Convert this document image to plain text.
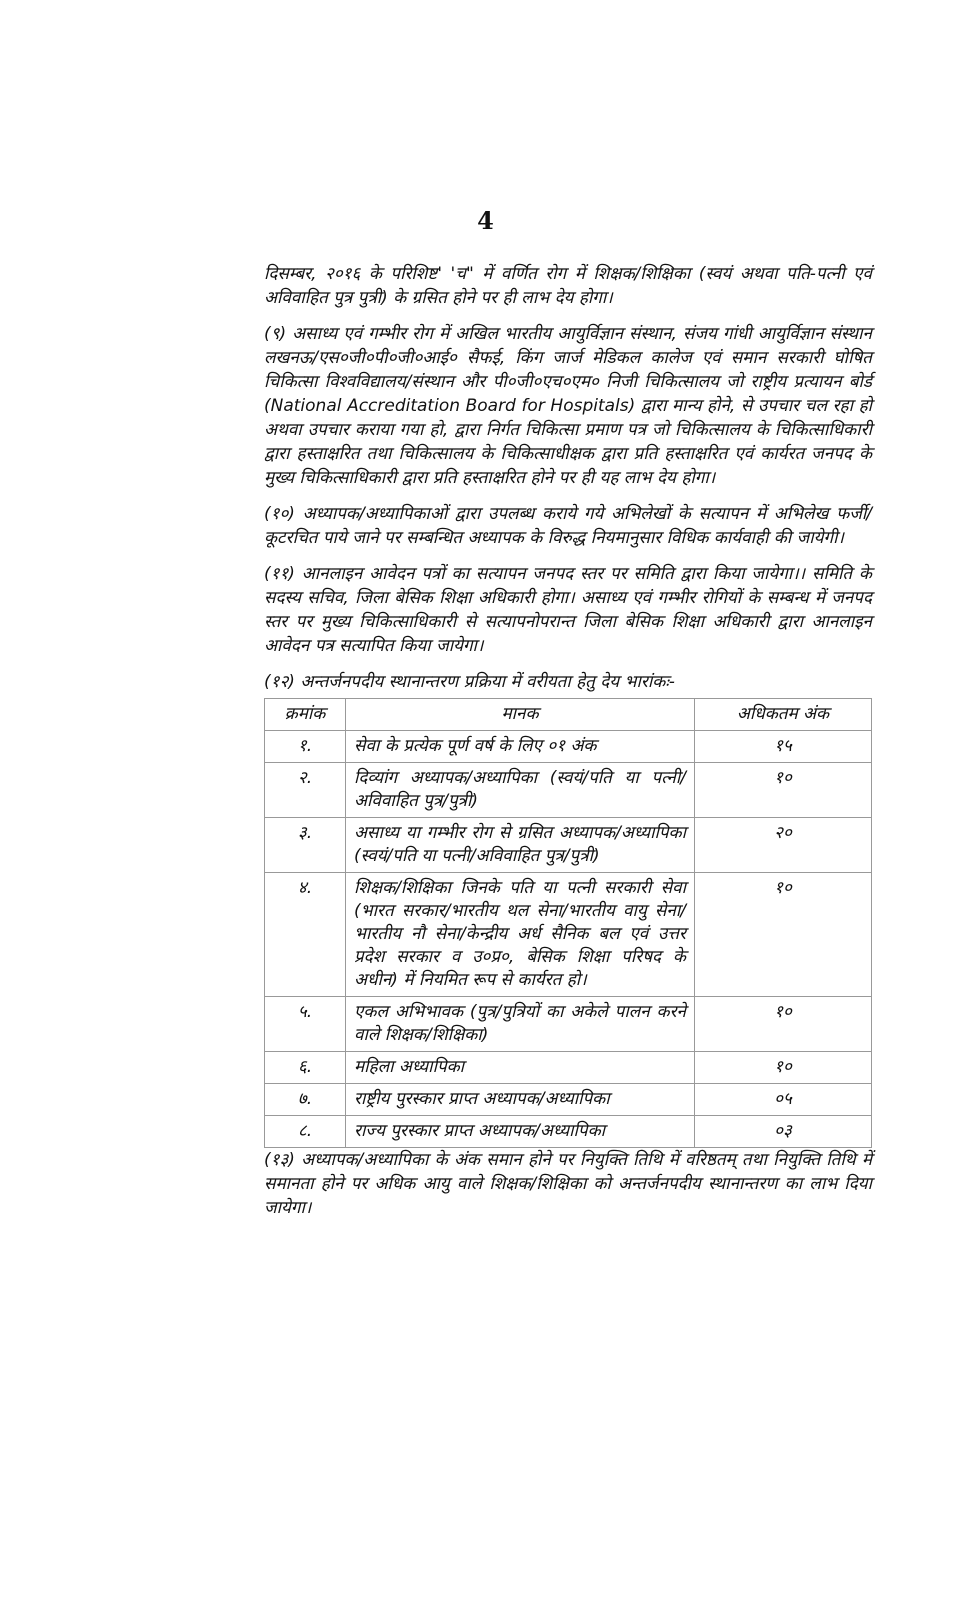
4

दिसम्बर, २०१६ के परिशिष्ट' 'च" में वर्णित रोग में शिक्षक/शिक्षिका (स्वयं अथवा पति-पत्नी एवं अविवाहित पुत्र पुत्री) के ग्रसित होने पर ही लाभ देय होगा।

(९) असाध्य एवं गम्भीर रोग में अखिल भारतीय आयुर्विज्ञान संस्थान, संजय गांधी आयुर्विज्ञान संस्थान लखनऊ/एस०जी०पी०जी०आई० सैफई, किंग जार्ज मेडिकल कालेज एवं समान सरकारी घोषित चिकित्सा विश्वविद्यालय/संस्थान और पी०जी०एच०एम० निजी चिकित्सालय जो राष्ट्रीय प्रत्यायन बोर्ड (National Accreditation Board for Hospitals) द्वारा मान्य होने, से उपचार चल रहा हो अथवा उपचार कराया गया हो, द्वारा निर्गत चिकित्सा प्रमाण पत्र जो चिकित्सालय के चिकित्साधिकारी द्वारा हस्ताक्षरित तथा चिकित्सालय के चिकित्साधीक्षक द्वारा प्रति हस्ताक्षरित एवं कार्यरत जनपद के मुख्य चिकित्साधिकारी द्वारा प्रति हस्ताक्षरित होने पर ही यह लाभ देय होगा।

(१०) अध्यापक/अध्यापिकाओं द्वारा उपलब्ध कराये गये अभिलेखों के सत्यापन में अभिलेख फर्जी/कूटरचित पाये जाने पर सम्बन्धित अध्यापक के विरुद्ध नियमानुसार विधिक कार्यवाही की जायेगी।

(११) आनलाइन आवेदन पत्रों का सत्यापन जनपद स्तर पर समिति द्वारा किया जायेगा।। समिति के सदस्य सचिव, जिला बेसिक शिक्षा अधिकारी होगा। असाध्य एवं गम्भीर रोगियों के सम्बन्ध में जनपद स्तर पर मुख्य चिकित्साधिकारी से सत्यापनोपरान्त जिला बेसिक शिक्षा अधिकारी द्वारा आनलाइन आवेदन पत्र सत्यापित किया जायेगा।

(१२) अन्तर्जनपदीय स्थानान्तरण प्रक्रिया में वरीयता हेतु देय भारांकः-
क्रमांक	मानक	अधिकतम अंक
१.	सेवा के प्रत्येक पूर्ण वर्ष के लिए ०१ अंक	१५
२.	दिव्यांग अध्यापक/अध्यापिका (स्वयं/पति या पत्नी/अविवाहित पुत्र/पुत्री)	१०
३.	असाध्य या गम्भीर रोग से ग्रसित अध्यापक/अध्यापिका (स्वयं/पति या पत्नी/अविवाहित पुत्र/पुत्री)	२०
४.	शिक्षक/शिक्षिका जिनके पति या पत्नी सरकारी सेवा (भारत सरकार/भारतीय थल सेना/भारतीय वायु सेना/ भारतीय नौ सेना/केन्द्रीय अर्ध सैनिक बल एवं उत्तर प्रदेश सरकार व उ०प्र०, बेसिक शिक्षा परिषद के अधीन) में नियमित रूप से कार्यरत हो।	१०
५.	एकल अभिभावक (पुत्र/पुत्रियों का अकेले पालन करने वाले शिक्षक/शिक्षिका)	१०
६.	महिला अध्यापिका	१०
७.	राष्ट्रीय पुरस्कार प्राप्त अध्यापक/अध्यापिका	०५
८.	राज्य पुरस्कार प्राप्त अध्यापक/अध्यापिका	०३

(१३) अध्यापक/अध्यापिका के अंक समान होने पर नियुक्ति तिथि में वरिष्ठतम् तथा नियुक्ति तिथि में समानता होने पर अधिक आयु वाले शिक्षक/शिक्षिका को अन्तर्जनपदीय स्थानान्तरण का लाभ दिया जायेगा।
